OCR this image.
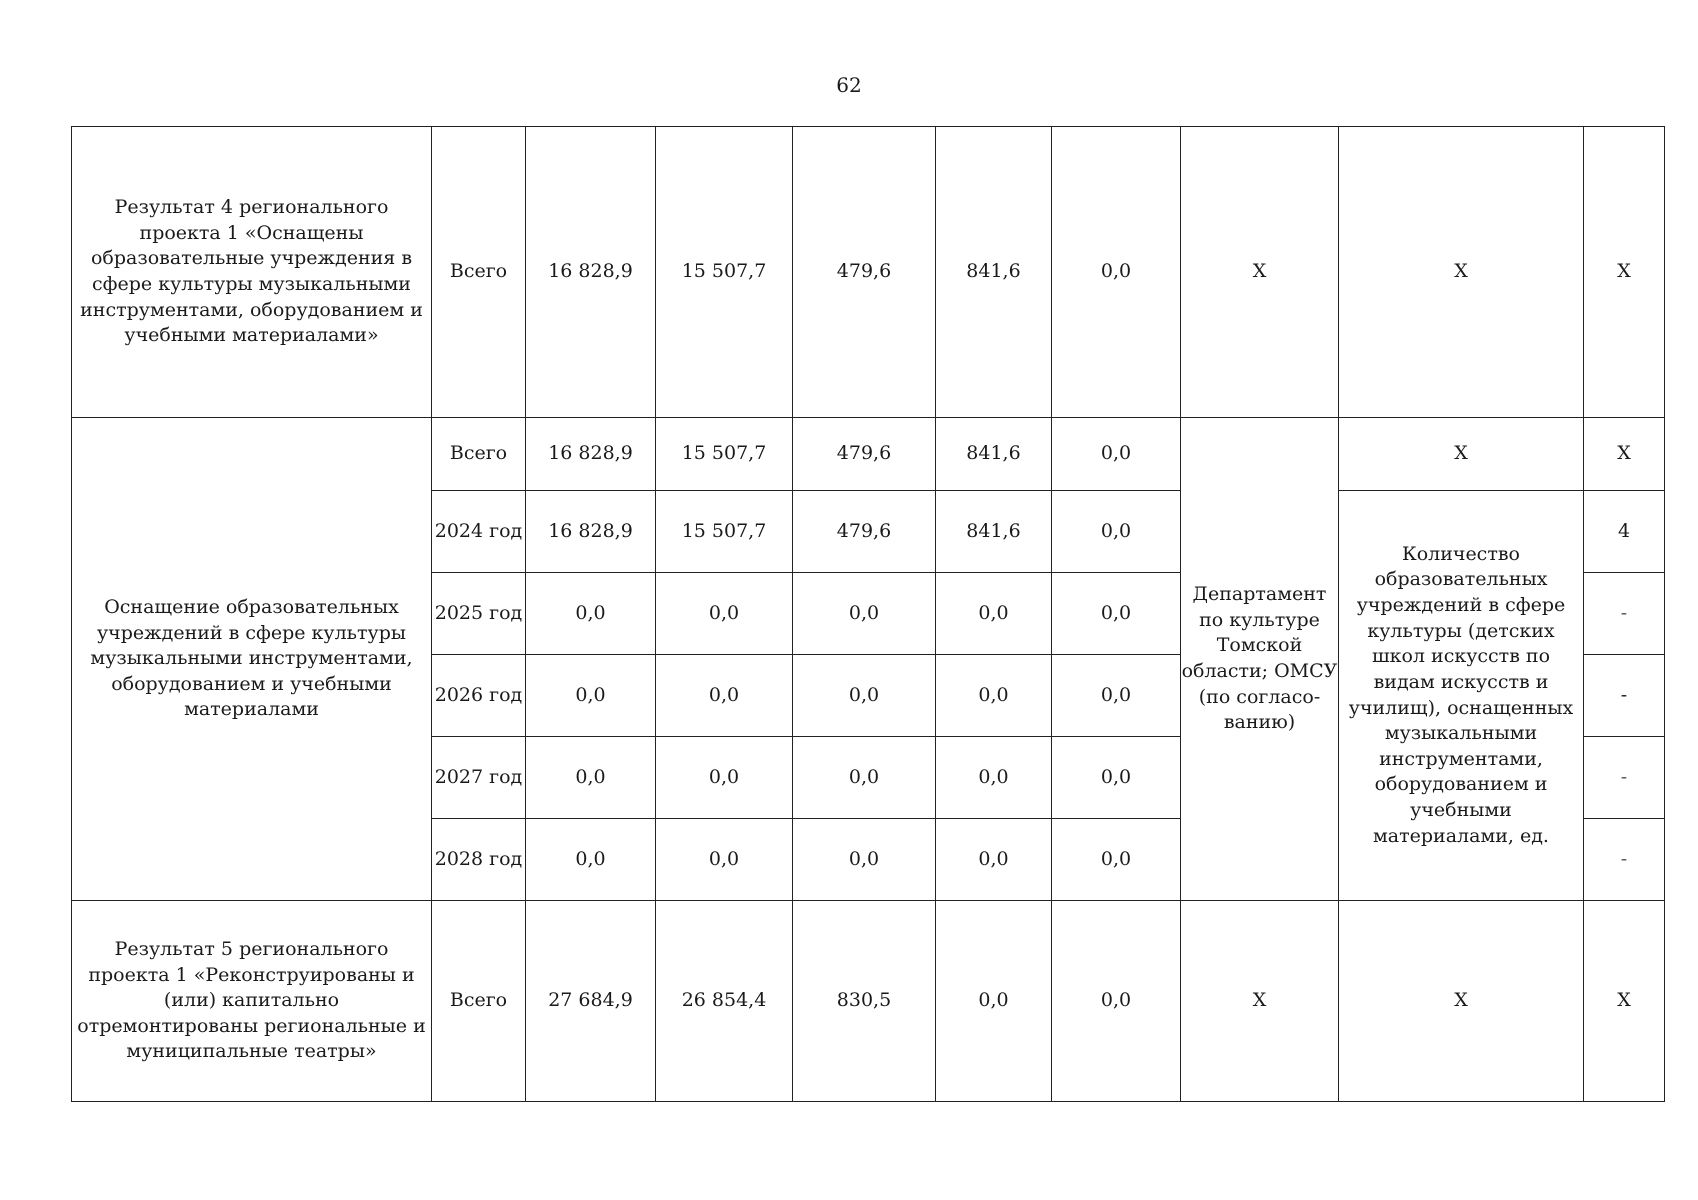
62
Результат 4 регионального проекта 1 «Оснащены образовательные учреждения в сфере культуры музыкальными инструментами, оборудованием и учебными материалами»	Всего	16 828,9	15 507,7	479,6	841,6	0,0	X	X	X
Оснащение образовательных учреждений в сфере культуры музыкальными инструментами, оборудованием и учебными материалами	Всего	16 828,9	15 507,7	479,6	841,6	0,0	Департамент по культуре Томской области; ОМСУ (по согласо-ванию)	X	X
	2024 год	16 828,9	15 507,7	479,6	841,6	0,0		Количество образовательных учреждений в сфере культуры (детских школ искусств по видам искусств и училищ), оснащенных музыкальными инструментами, оборудованием и учебными материалами, ед.	4
	2025 год	0,0	0,0	0,0	0,0	0,0			-
	2026 год	0,0	0,0	0,0	0,0	0,0			-
	2027 год	0,0	0,0	0,0	0,0	0,0			-
	2028 год	0,0	0,0	0,0	0,0	0,0			-
Результат 5 регионального проекта 1 «Реконструированы и (или) капитально отремонтированы региональные и муниципальные театры»	Всего	27 684,9	26 854,4	830,5	0,0	0,0	X	X	X
